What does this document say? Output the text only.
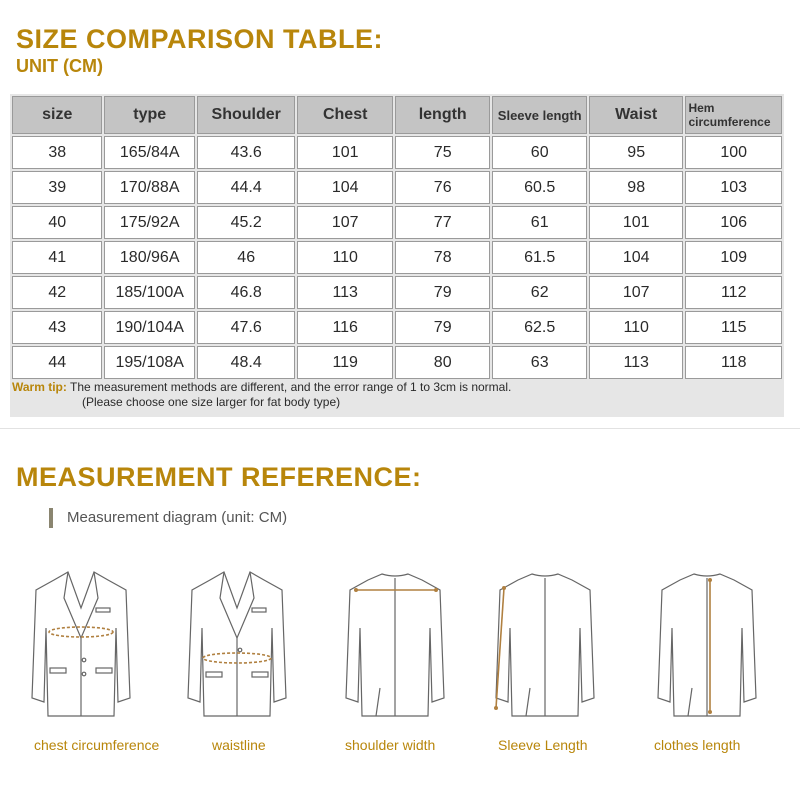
SIZE COMPARISON TABLE:
UNIT (CM)
size	type	Shoulder	Chest	length	Sleeve length	Waist	Hem circumference
38	165/84A	43.6	101	75	60	95	100
39	170/88A	44.4	104	76	60.5	98	103
40	175/92A	45.2	107	77	61	101	106
41	180/96A	46	110	78	61.5	104	109
42	185/100A	46.8	113	79	62	107	112
43	190/104A	47.6	116	79	62.5	110	115
44	195/108A	48.4	119	80	63	113	118
Warm tip: The measurement methods are different, and the error range of 1 to 3cm is normal.
(Please choose one size larger for fat body type)
MEASUREMENT REFERENCE:
Measurement diagram (unit: CM)
chest circumference	waistline	shoulder width	Sleeve Length	clothes length
